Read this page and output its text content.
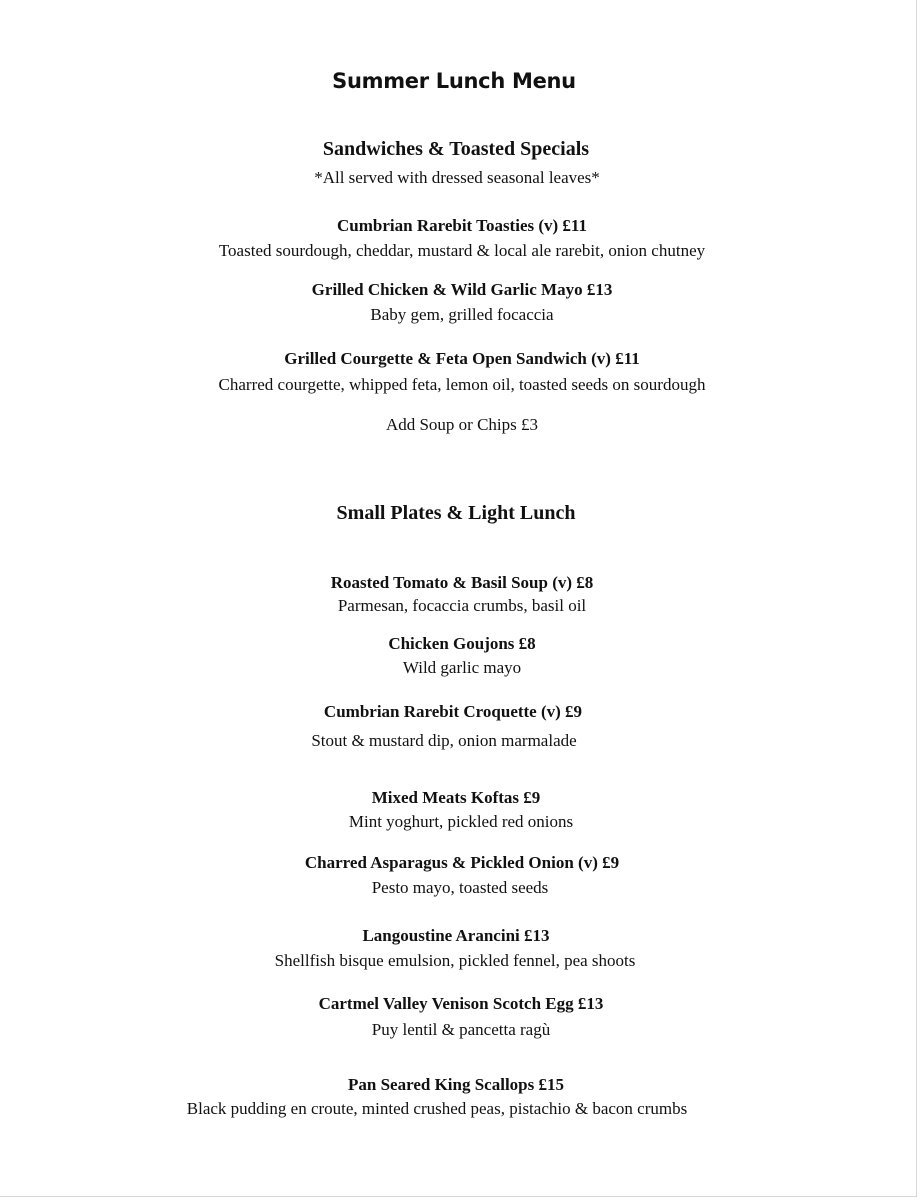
Summer Lunch Menu
Sandwiches & Toasted Specials

*All served with dressed seasonal leaves*

Cumbrian Rarebit Toasties (v) £11

Toasted sourdough, cheddar, mustard & local ale rarebit, onion chutney

Grilled Chicken & Wild Garlic Mayo £13

Baby gem, grilled focaccia

Grilled Courgette & Feta Open Sandwich (v) £11

Charred courgette, whipped feta, lemon oil, toasted seeds on sourdough

Add Soup or Chips £3

Small Plates & Light Lunch

Roasted Tomato & Basil Soup (v) £8

Parmesan, focaccia crumbs, basil oil

Chicken Goujons £8

Wild garlic mayo

Cumbrian Rarebit Croquette (v) £9

Stout & mustard dip, onion marmalade

Mixed Meats Koftas £9

Mint yoghurt, pickled red onions

Charred Asparagus & Pickled Onion (v) £9

Pesto mayo, toasted seeds

Langoustine Arancini £13

Shellfish bisque emulsion, pickled fennel, pea shoots

Cartmel Valley Venison Scotch Egg £13

Puy lentil & pancetta ragù

Pan Seared King Scallops £15

Black pudding en croute, minted crushed peas, pistachio & bacon crumbs
